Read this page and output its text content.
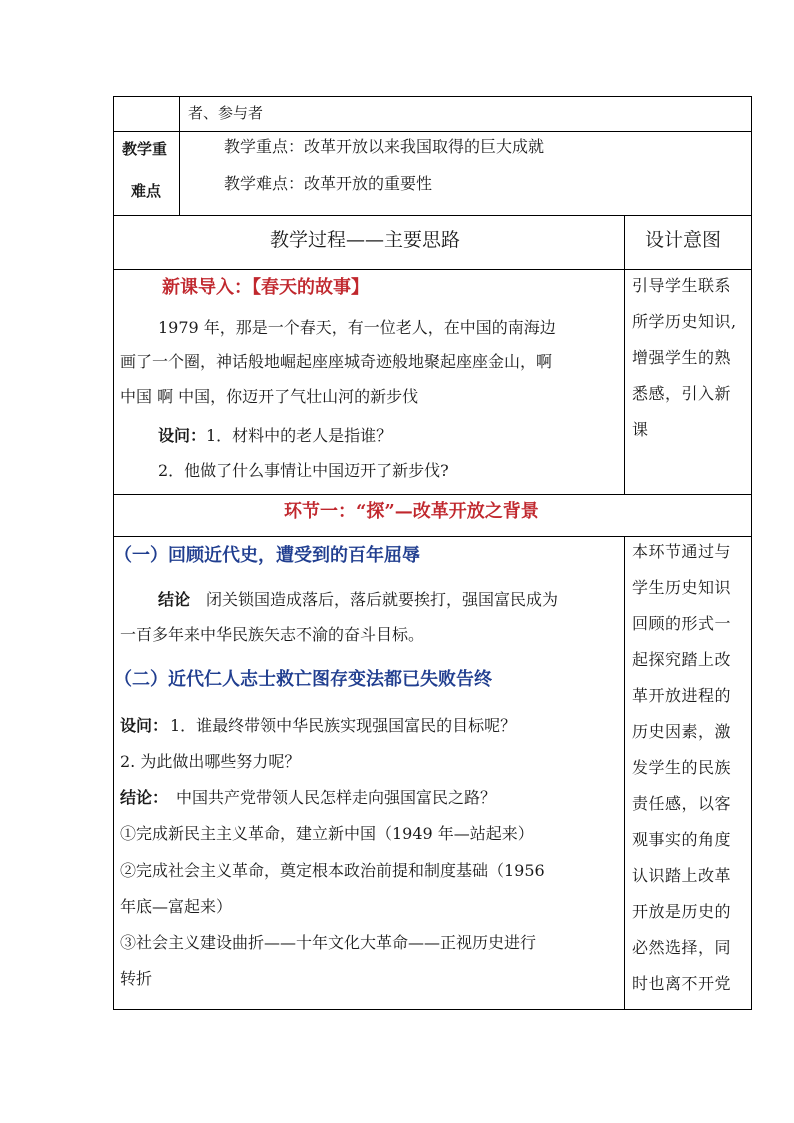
者、参与者
教学重
难点
教学重点：改革开放以来我国取得的巨大成就
教学难点：改革开放的重要性
教学过程——主要思路	设计意图
新课导入：【春天的故事】
1979 年，那是一个春天，有一位老人，在中国的南海边
画了一个圈，神话般地崛起座座城奇迹般地聚起座座金山，啊
中国 啊 中国，你迈开了气壮山河的新步伐
设问： 1．材料中的老人是指谁？
2．他做了什么事情让中国迈开了新步伐?
引导学生联系
所学历史知识,
增强学生的熟
悉感，引入新
课
环节一：“探”—改革开放之背景
（一）回顾近代史，遭受到的百年屈辱
结论 闭关锁国造成落后，落后就要挨打，强国富民成为
一百多年来中华民族矢志不渝的奋斗目标。
（二）近代仁人志士救亡图存变法都已失败告终
设问： 1．谁最终带领中华民族实现强国富民的目标呢？
2. 为此做出哪些努力呢？
结论： 中国共产党带领人民怎样走向强国富民之路？
①完成新民主主义革命，建立新中国（1949 年—站起来）
②完成社会主义革命，奠定根本政治前提和制度基础（1956
年底—富起来）
③社会主义建设曲折——十年文化大革命——正视历史进行
转折
本环节通过与
学生历史知识
回顾的形式一
起探究踏上改
革开放进程的
历史因素，激
发学生的民族
责任感，以客
观事实的角度
认识踏上改革
开放是历史的
必然选择，同
时也离不开党
